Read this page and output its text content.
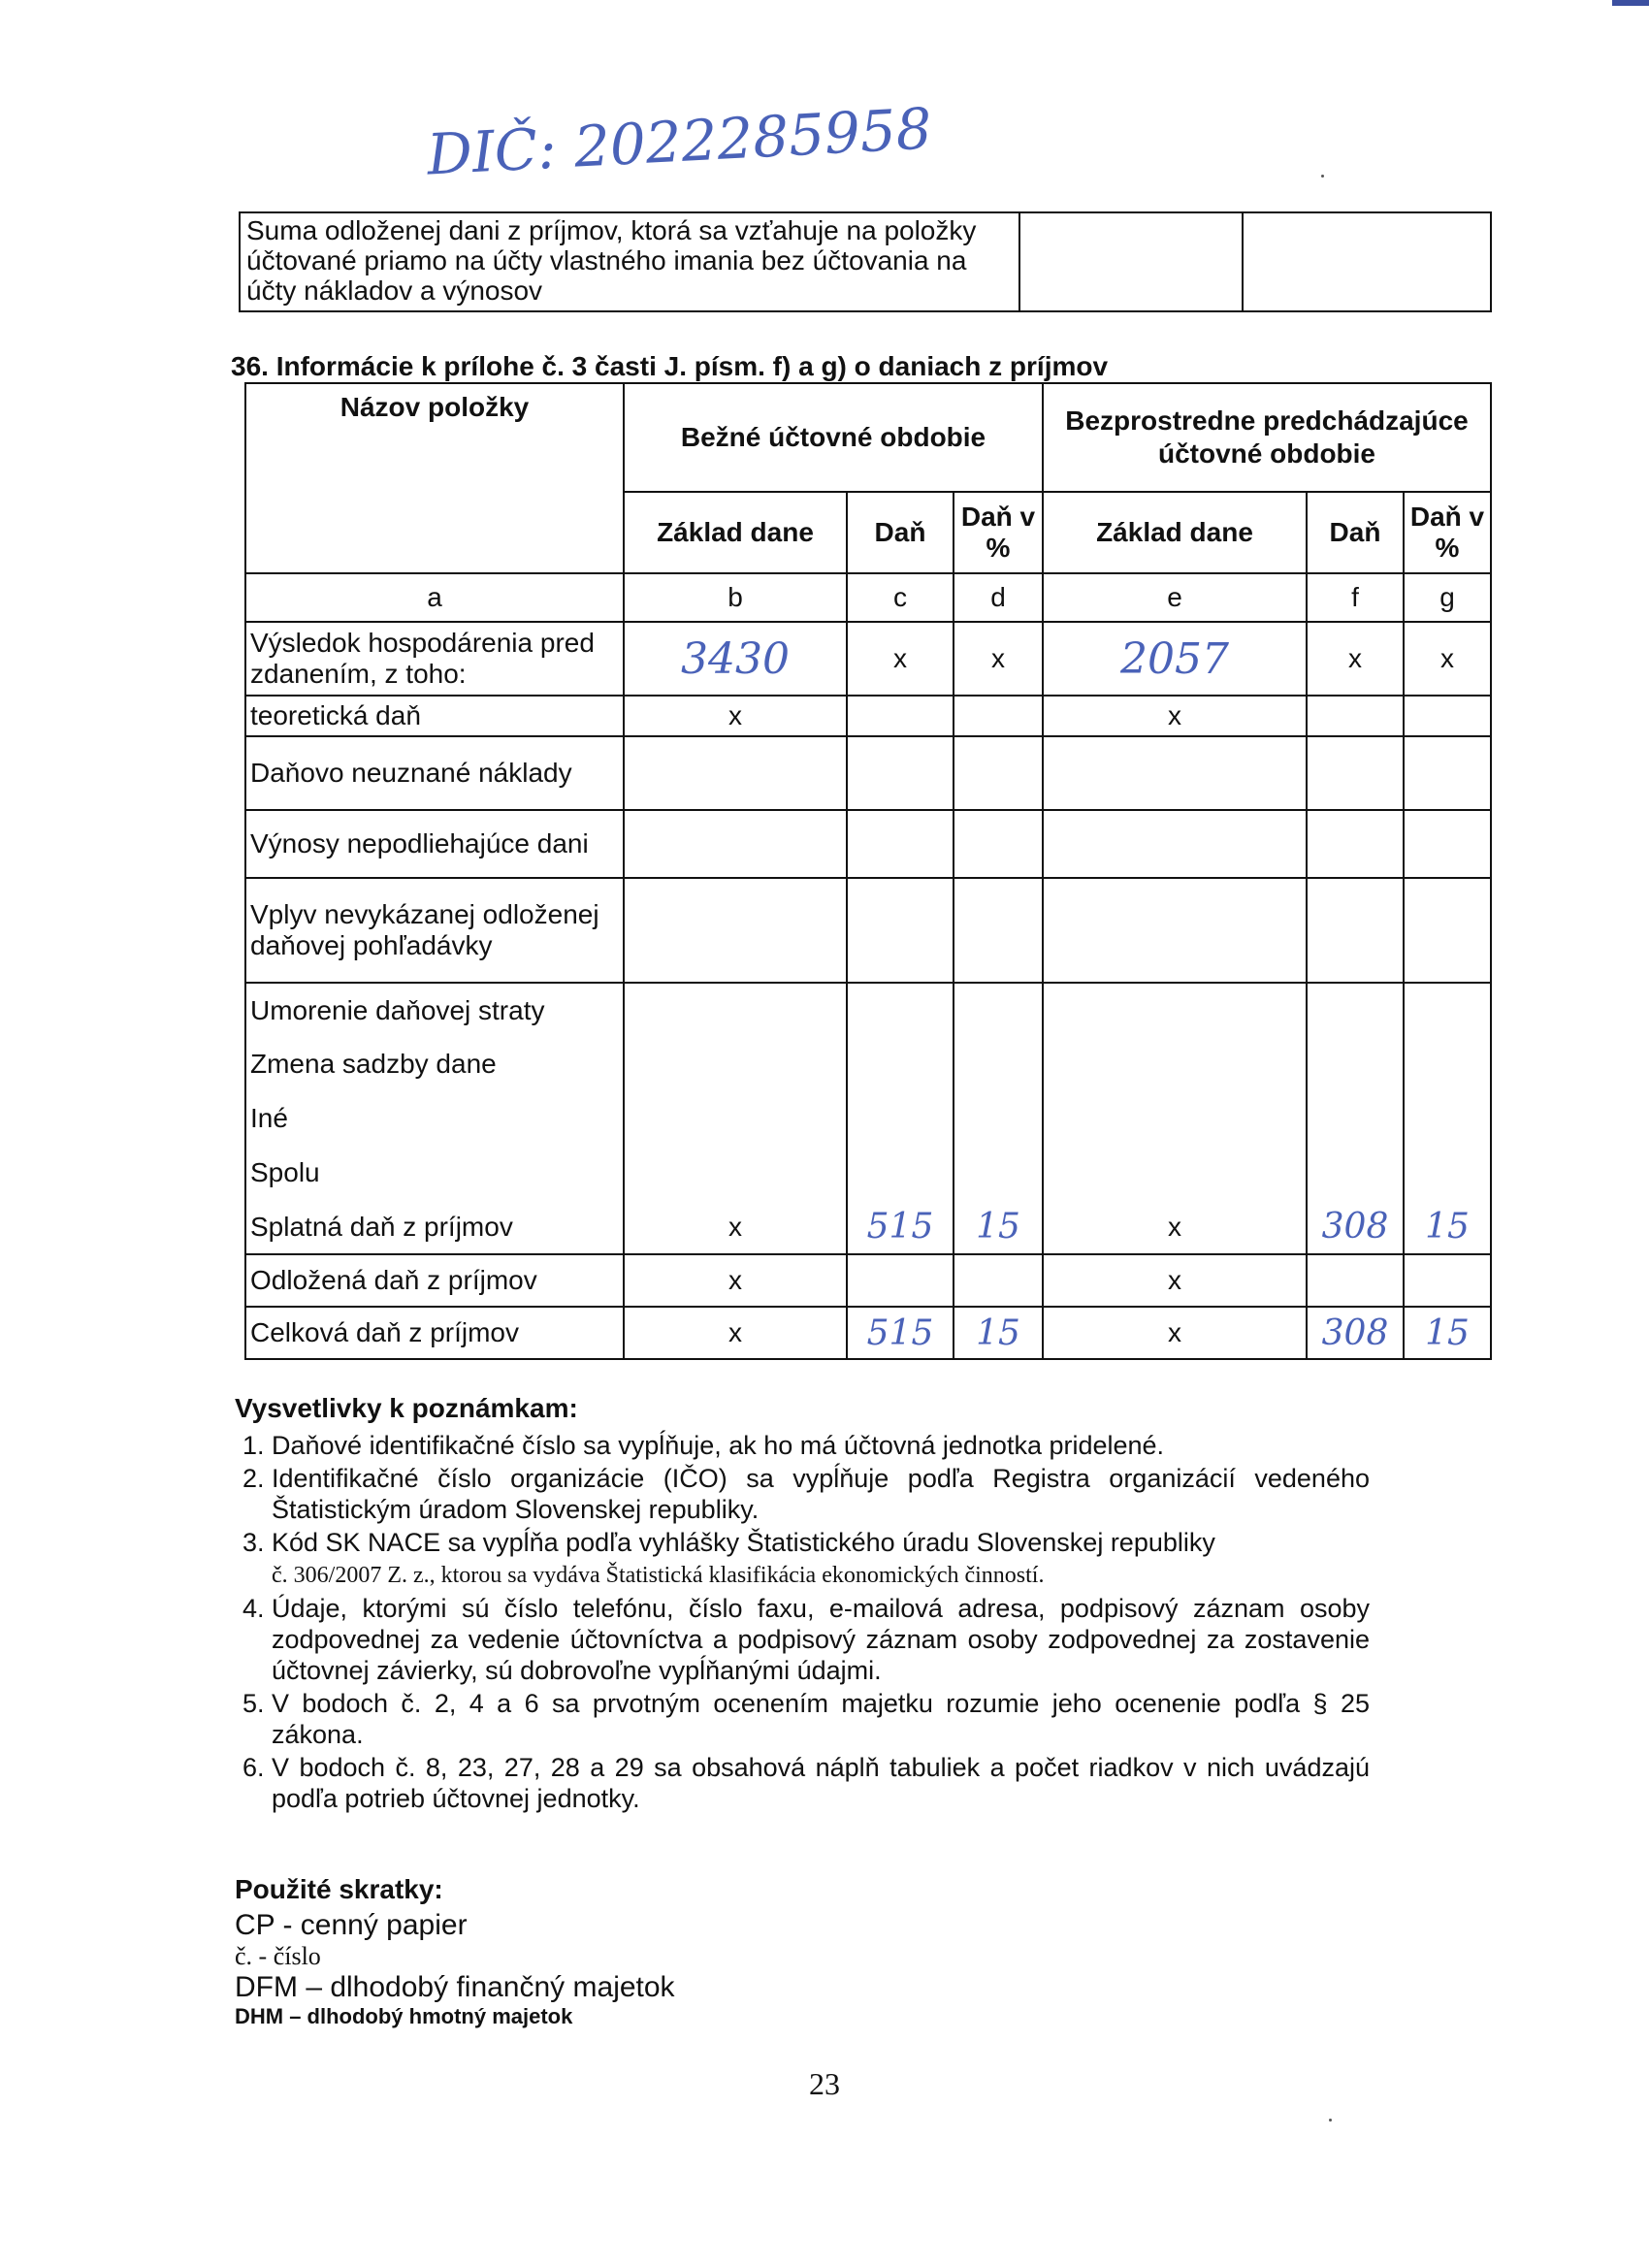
DIČ: 2022285958
Suma odloženej dani z príjmov, ktorá sa vzťahuje na položky účtované priamo na účty vlastného imania bez účtovania na účty nákladov a výnosov		
36. Informácie k prílohe č. 3 časti J. písm. f) a g) o daniach z príjmov
Názov položky	Bežné účtovné obdobie			Bezprostredne predchádzajúce účtovné obdobie		
	Základ dane	Daň	Daň v %	Základ dane	Daň	Daň v %
a	b	c	d	e	f	g
Výsledok hospodárenia pred zdanením, z toho:	3430	x	x	2057	x	x
teoretická daň	x			x		
Daňovo neuznané náklady						
Výnosy nepodliehajúce dani						
Vplyv nevykázanej odloženej daňovej pohľadávky						
Umorenie daňovej straty						
Zmena sadzby dane						
Iné						
Spolu						
Splatná daň z príjmov	x	515	15	x	308	15
Odložená daň z príjmov	x			x		
Celková daň z príjmov	x	515	15	x	308	15
Vysvetlivky k poznámkam:
1. Daňové identifikačné číslo sa vypĺňuje, ak ho má účtovná jednotka pridelené.
2. Identifikačné číslo organizácie (IČO) sa vypĺňuje podľa Registra organizácií vedeného Štatistickým úradom Slovenskej republiky.
3. Kód SK NACE sa vypĺňa podľa vyhlášky Štatistického úradu Slovenskej republiky
č. 306/2007 Z. z., ktorou sa vydáva Štatistická klasifikácia ekonomických činností.
4. Údaje, ktorými sú číslo telefónu, číslo faxu, e-mailová adresa, podpisový záznam osoby zodpovednej za vedenie účtovníctva a podpisový záznam osoby zodpovednej za zostavenie účtovnej závierky, sú dobrovoľne vypĺňanými údajmi.
5. V bodoch č. 2, 4 a 6 sa prvotným ocenením majetku rozumie jeho ocenenie podľa § 25 zákona.
6. V bodoch č. 8, 23, 27, 28 a 29 sa obsahová náplň tabuliek a počet riadkov v nich uvádzajú podľa potrieb účtovnej jednotky.
Použité skratky:
CP - cenný papier
č. - číslo
DFM – dlhodobý finančný majetok
DHM – dlhodobý hmotný majetok
23
